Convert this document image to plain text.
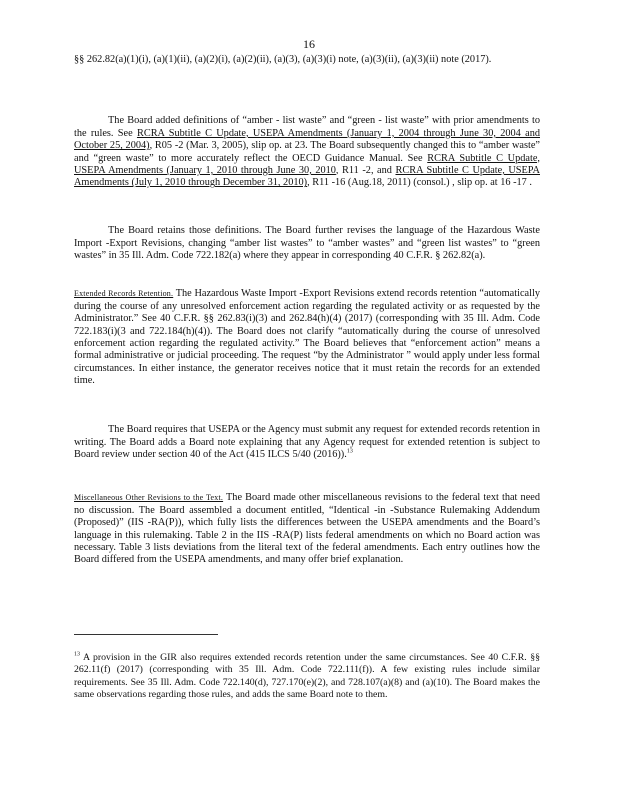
16

§§ 262.82(a)(1)(i), (a)(1)(ii), (a)(2)(i), (a)(2)(ii), (a)(3), (a)(3)(i) note, (a)(3)(ii), (a)(3)(ii) note (2017).

The Board added definitions of “amber - list waste” and “green - list waste” with prior amendments to the rules. See RCRA Subtitle C Update, USEPA Amendments (January 1, 2004 through June 30, 2004 and October 25, 2004), R05 -2 (Mar. 3, 2005), slip op. at 23. The Board subsequently changed this to “amber waste” and “green waste” to more accurately reflect the OECD Guidance Manual. See RCRA Subtitle C Update, USEPA Amendments (January 1, 2010 through June 30, 2010, R11 -2, and RCRA Subtitle C Update, USEPA Amendments (July 1, 2010 through December 31, 2010), R11 -16 (Aug.18, 2011) (consol.) , slip op. at 16 -17 .

The Board retains those definitions. The Board further revises the language of the Hazardous Waste Import -Export Revisions, changing “amber list wastes” to “amber wastes” and “green list wastes” to “green wastes” in 35 Ill. Adm. Code 722.182(a) where they appear in corresponding 40 C.F.R. § 262.82(a).

Extended Records Retention. The Hazardous Waste Import -Export Revisions extend records retention “automatically during the course of any unresolved enforcement action regarding the regulated activity or as requested by the Administrator.” See 40 C.F.R. §§ 262.83(i)(3) and 262.84(h)(4) (2017) (corresponding with 35 Ill. Adm. Code 722.183(i)(3 and 722.184(h)(4)). The Board does not clarify “automatically during the course of unresolved enforcement action regarding the regulated activity.” The Board believes that “enforcement action” means a formal administrative or judicial proceeding. The request “by the Administrator ” would apply under less formal circumstances. In either instance, the generator receives notice that it must retain the records for an extended time.

The Board requires that USEPA or the Agency must submit any request for extended records retention in writing. The Board adds a Board note explaining that any Agency request for extended retention is subject to Board review under section 40 of the Act (415 ILCS 5/40 (2016)).$^{13}$

Miscellaneous Other Revisions to the Text. The Board made other miscellaneous revisions to the federal text that need no discussion. The Board assembled a document entitled, “Identical -in -Substance Rulemaking Addendum (Proposed)” (IIS -RA(P)), which fully lists the differences between the USEPA amendments and the Board’s language in this rulemaking. Table 2 in the IIS -RA(P) lists federal amendments on which no Board action was necessary. Table 3 lists deviations from the literal text of the federal amendments. Each entry outlines how the Board differed from the USEPA amendments, and many offer brief explanation.

$^{13}$ A provision in the GIR also requires extended records retention under the same circumstances. See 40 C.F.R. §§ 262.11(f) (2017) (corresponding with 35 Ill. Adm. Code 722.111(f)). A few existing rules include similar requirements. See 35 Ill. Adm. Code 722.140(d), 727.170(e)(2), and 728.107(a)(8) and (a)(10). The Board makes the same observations regarding those rules, and adds the same Board note to them.
